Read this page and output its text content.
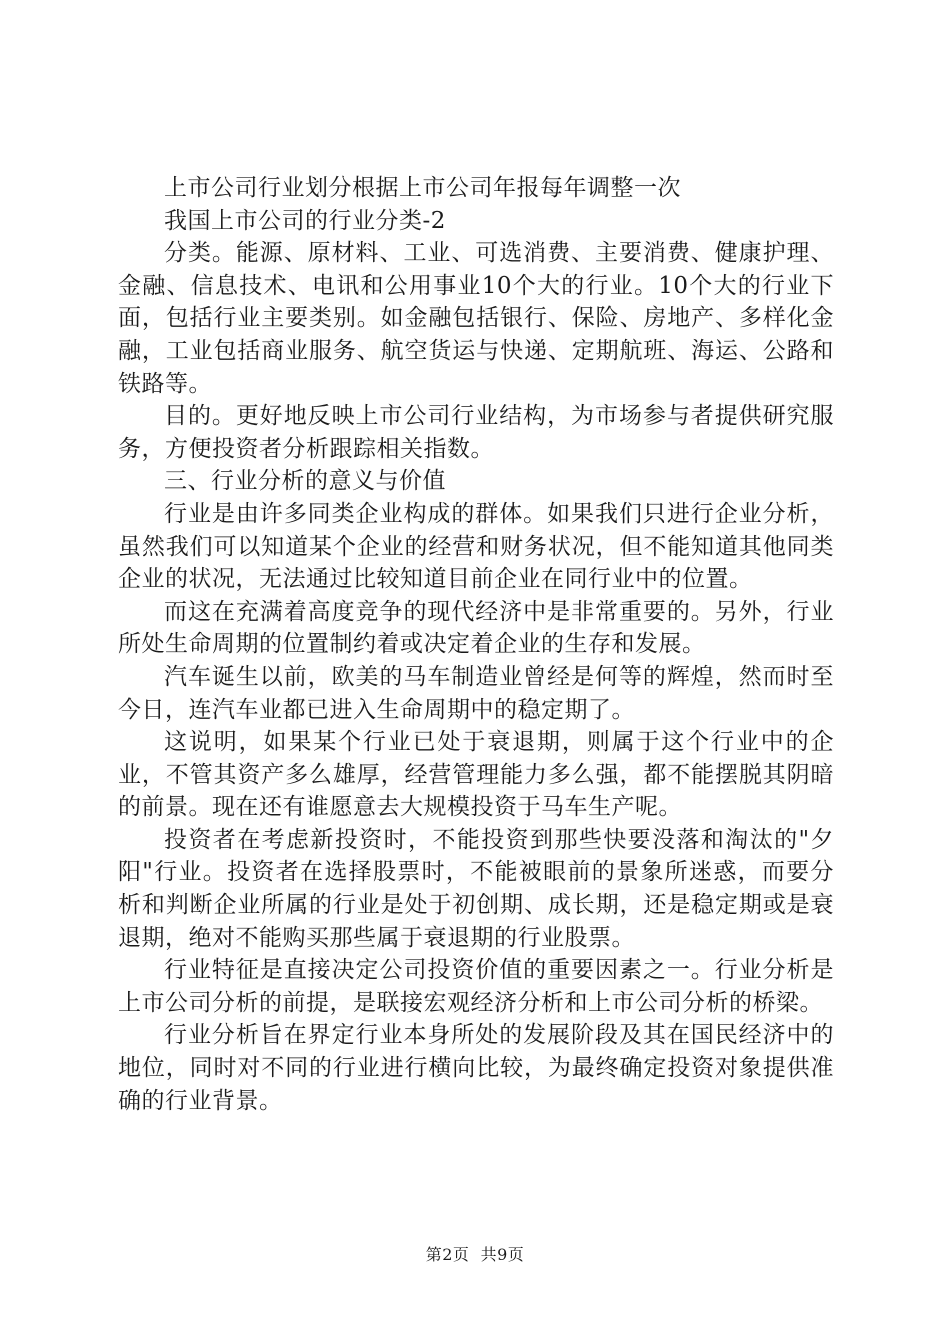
上市公司行业划分根据上市公司年报每年调整一次

我国上市公司的行业分类-2

分类。能源、原材料、工业、可选消费、主要消费、健康护理、金融、信息技术、电讯和公用事业10个大的行业。10个大的行业下面，包括行业主要类别。如金融包括银行、保险、房地产、多样化金融，工业包括商业服务、航空货运与快递、定期航班、海运、公路和铁路等。

目的。更好地反映上市公司行业结构，为市场参与者提供研究服务，方便投资者分析跟踪相关指数。

三、行业分析的意义与价值

行业是由许多同类企业构成的群体。如果我们只进行企业分析，虽然我们可以知道某个企业的经营和财务状况，但不能知道其他同类企业的状况，无法通过比较知道目前企业在同行业中的位置。

而这在充满着高度竞争的现代经济中是非常重要的。另外，行业所处生命周期的位置制约着或决定着企业的生存和发展。

汽车诞生以前，欧美的马车制造业曾经是何等的辉煌，然而时至今日，连汽车业都已进入生命周期中的稳定期了。

这说明，如果某个行业已处于衰退期，则属于这个行业中的企业，不管其资产多么雄厚，经营管理能力多么强，都不能摆脱其阴暗的前景。现在还有谁愿意去大规模投资于马车生产呢。

投资者在考虑新投资时，不能投资到那些快要没落和淘汰的"夕阳"行业。投资者在选择股票时，不能被眼前的景象所迷惑，而要分析和判断企业所属的行业是处于初创期、成长期，还是稳定期或是衰退期，绝对不能购买那些属于衰退期的行业股票。

行业特征是直接决定公司投资价值的重要因素之一。行业分析是上市公司分析的前提，是联接宏观经济分析和上市公司分析的桥梁。

行业分析旨在界定行业本身所处的发展阶段及其在国民经济中的地位，同时对不同的行业进行横向比较，为最终确定投资对象提供准确的行业背景。

第2页 共9页
